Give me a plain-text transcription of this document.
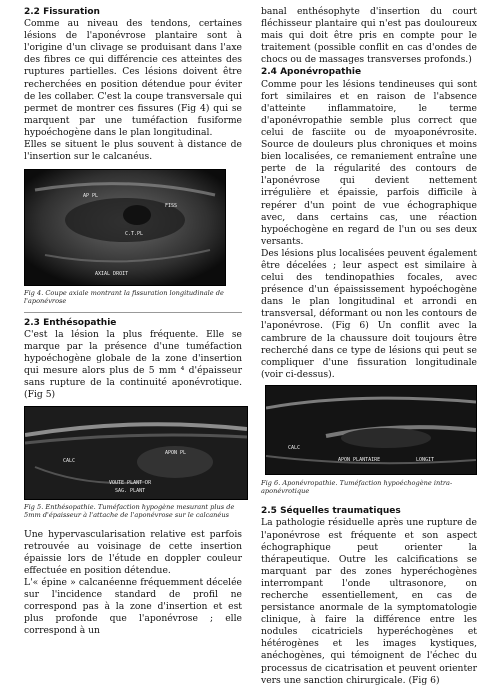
2.2 Fissuration

Comme au niveau des tendons, certaines lésions de l'aponévrose plantaire sont à l'origine d'un clivage se produisant dans l'axe des fibres ce qui différencie ces atteintes des ruptures partielles. Ces lésions doivent être recherchées en position détendue pour éviter de les collaber. C'est la coupe transversale qui permet de montrer ces fissures (Fig 4) qui se marquent par une tuméfaction fusiforme hypoéchogène dans le plan longitudinal.

Elles se situent le plus souvent à distance de l'insertion sur le calcanéus.

AP PL
FISS
C.T.PL
AXIAL DROIT

Fig 4. Coupe axiale montrant la fissuration longitudinale de l'aponévrose

2.3 Enthésopathie

C'est la lésion la plus fréquente. Elle se marque par la présence d'une tuméfaction hypoéchogène globale de la zone d'insertion qui mesure alors plus de 5 mm ⁴ d'épaisseur sans rupture de la continuité aponévrotique. (Fig 5)

CALC
APON PL
VOUTE PLANT DR
SAG. PLANT

Fig 5. Enthésopathie. Tuméfaction hypogène mesurant plus de 5mm d'épaisseur à l'attache de l'aponévrose sur le calcanéus

Une hypervascularisation relative est parfois retrouvée au voisinage de cette insertion épaissie lors de l'étude en doppler couleur effectuée en position détendue.

L'« épine » calcanéenne fréquemment décelée sur l'incidence standard de profil ne correspond pas à la zone d'insertion et est plus profonde que l'aponévrose ; elle correspond à un

banal enthésophyte d'insertion du court fléchisseur plantaire qui n'est pas douloureux mais qui doit être pris en compte pour le traitement (possible conflit en cas d'ondes de chocs ou de massages transverses profonds.)

2.4 Aponévropathie

Comme pour les lésions tendineuses qui sont fort similaires et en raison de l'absence d'atteinte inflammatoire, le terme d'aponévropathie semble plus correct que celui de fasciite ou de myoaponévrosite. Source de douleurs plus chroniques et moins bien localisées, ce remaniement entraîne une perte de la régularité des contours de l'aponévrose qui devient nettement irrégulière et épaissie, parfois difficile à repérer d'un point de vue échographique avec, dans certains cas, une réaction hypoéchogène en regard de l'un ou ses deux versants.

Des lésions plus localisées peuvent également être décelées ; leur aspect est similaire à celui des tendinopathies focales, avec présence d'un épaississement hypoéchogène dans le plan longitudinal et arrondi en transversal, déformant ou non les contours de l'aponévrose. (Fig 6) Un conflit avec la cambrure de la chaussure doit toujours être recherché dans ce type de lésions qui peut se compliquer d'une fissuration longitudinale (voir ci-dessus).

CALC
APON PLANTAIRE	LONGIT

Fig 6. Aponévropathie. Tuméfaction hypoéchogène intra-aponévrotique

2.5 Séquelles traumatiques

La pathologie résiduelle après une rupture de l'aponévrose est fréquente et son aspect échographique peut orienter la thérapeutique. Outre les calcifications se marquant par des zones hyperéchogènes interrompant l'onde ultrasonore, on recherche essentiellement, en cas de persistance anormale de la symptomatologie clinique, à faire la différence entre les nodules cicatriciels hyperéchogènes et hétérogènes et les images kystiques, anéchogènes, qui témoignent de l'échec du processus de cicatrisation et peuvent orienter vers une sanction chirurgicale. (Fig 6)
